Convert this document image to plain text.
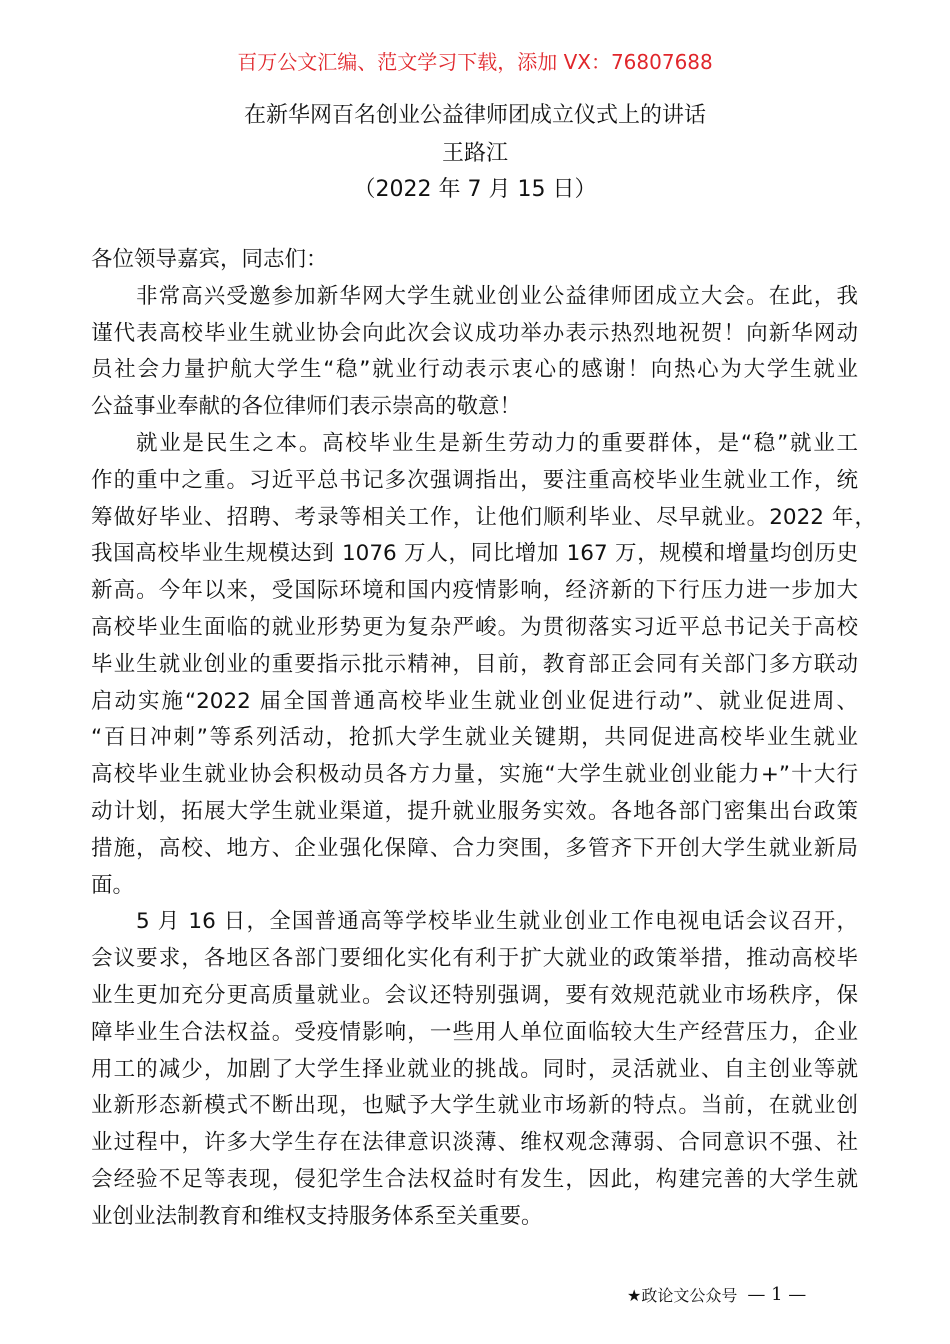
百万公文汇编、范文学习下载，添加 VX：76807688
在新华网百名创业公益律师团成立仪式上的讲话
王路江
（2022 年 7 月 15 日）
各位领导嘉宾，同志们：
非常高兴受邀参加新华网大学生就业创业公益律师团成立大会。在此，我
谨代表高校毕业生就业协会向此次会议成功举办表示热烈地祝贺！向新华网动
员社会力量护航大学生“稳”就业行动表示衷心的感谢！向热心为大学生就业
公益事业奉献的各位律师们表示崇高的敬意！
就业是民生之本。高校毕业生是新生劳动力的重要群体，是“稳”就业工
作的重中之重。习近平总书记多次强调指出，要注重高校毕业生就业工作，统
筹做好毕业、招聘、考录等相关工作，让他们顺利毕业、尽早就业。2022 年，
我国高校毕业生规模达到 1076 万人，同比增加 167 万，规模和增量均创历史
新高。今年以来，受国际环境和国内疫情影响，经济新的下行压力进一步加大
高校毕业生面临的就业形势更为复杂严峻。为贯彻落实习近平总书记关于高校
毕业生就业创业的重要指示批示精神，目前，教育部正会同有关部门多方联动
启动实施“2022 届全国普通高校毕业生就业创业促进行动”、就业促进周、
“百日冲刺”等系列活动，抢抓大学生就业关键期，共同促进高校毕业生就业
高校毕业生就业协会积极动员各方力量，实施“大学生就业创业能力+”十大行
动计划，拓展大学生就业渠道，提升就业服务实效。各地各部门密集出台政策
措施，高校、地方、企业强化保障、合力突围，多管齐下开创大学生就业新局
面。
5 月 16 日，全国普通高等学校毕业生就业创业工作电视电话会议召开，
会议要求，各地区各部门要细化实化有利于扩大就业的政策举措，推动高校毕
业生更加充分更高质量就业。会议还特别强调，要有效规范就业市场秩序，保
障毕业生合法权益。受疫情影响，一些用人单位面临较大生产经营压力，企业
用工的减少，加剧了大学生择业就业的挑战。同时，灵活就业、自主创业等就
业新形态新模式不断出现，也赋予大学生就业市场新的特点。当前，在就业创
业过程中，许多大学生存在法律意识淡薄、维权观念薄弱、合同意识不强、社
会经验不足等表现，侵犯学生合法权益时有发生，因此，构建完善的大学生就
业创业法制教育和维权支持服务体系至关重要。
★政论文公众号 — 1 —
